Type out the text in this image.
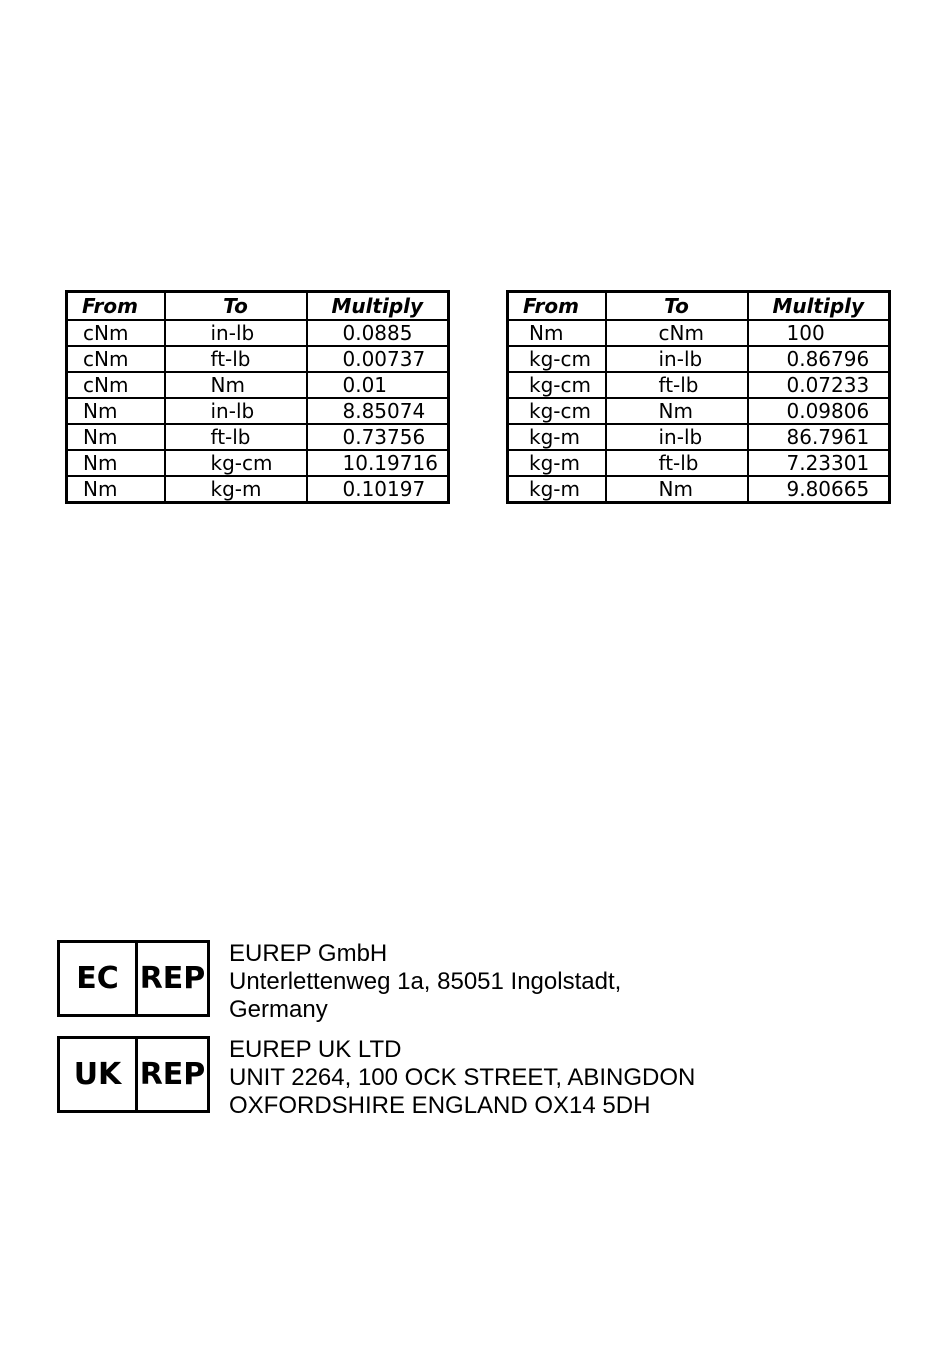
From	To	Multiply
cNm	in-lb	0.0885
cNm	ft-lb	0.00737
cNm	Nm	0.01
Nm	in-lb	8.85074
Nm	ft-lb	0.73756
Nm	kg-cm	10.19716
Nm	kg-m	0.10197
From	To	Multiply
Nm	cNm	100
kg-cm	in-lb	0.86796
kg-cm	ft-lb	0.07233
kg-cm	Nm	0.09806
kg-m	in-lb	86.7961
kg-m	ft-lb	7.23301
kg-m	Nm	9.80665
EC REP
EUREP GmbH
Unterlettenweg 1a, 85051 Ingolstadt,
Germany
UK REP
EUREP UK LTD
UNIT 2264, 100 OCK STREET, ABINGDON
OXFORDSHIRE ENGLAND OX14 5DH
